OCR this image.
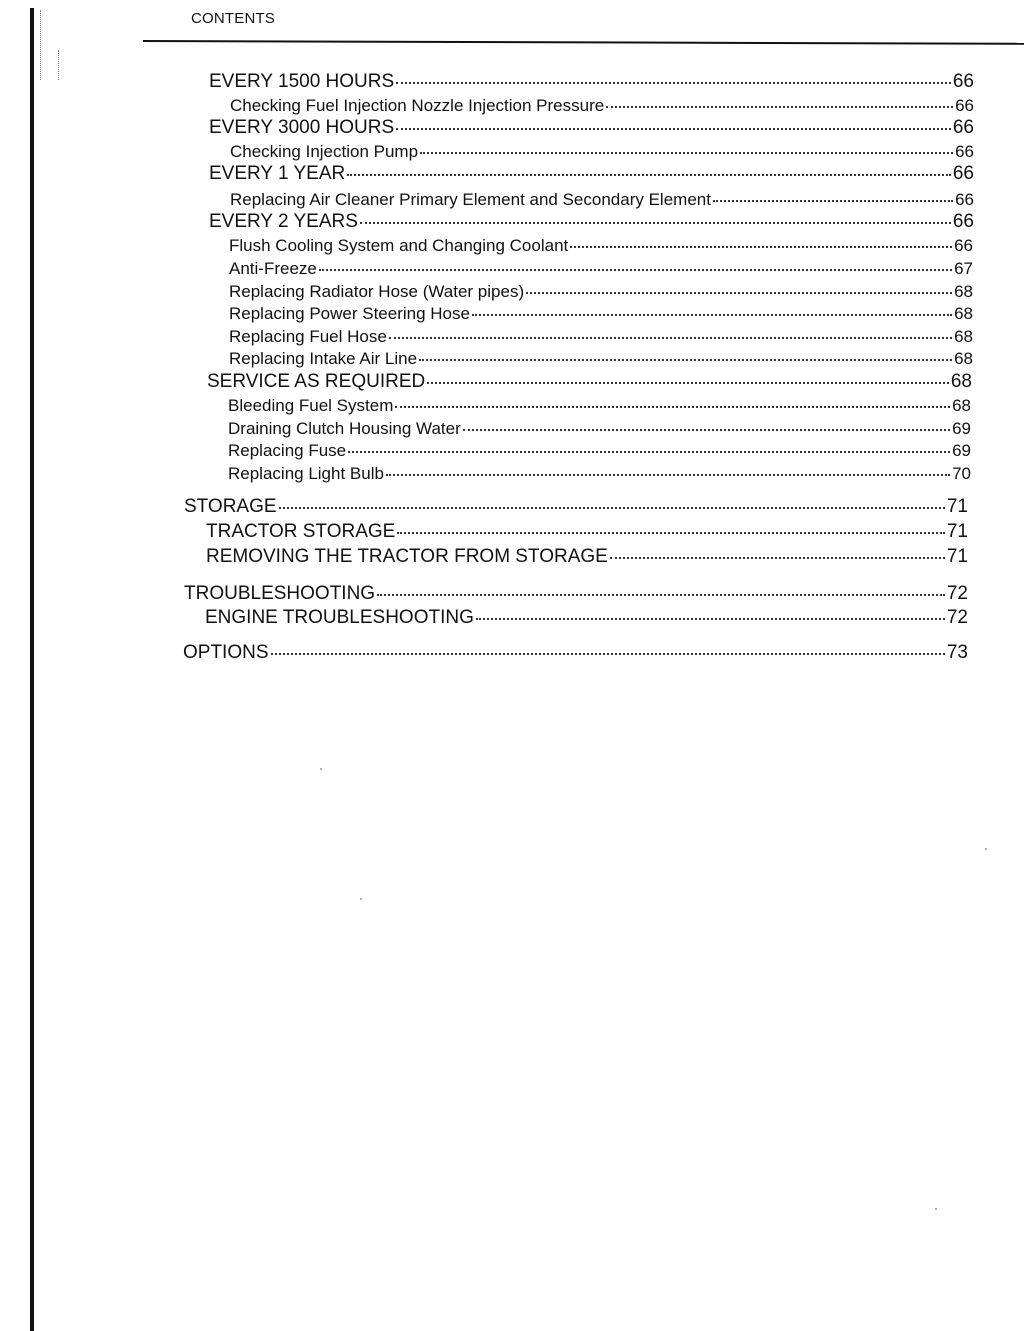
CONTENTS
EVERY 1500 HOURS	66
Checking Fuel Injection Nozzle Injection Pressure	66
EVERY 3000 HOURS	66
Checking Injection Pump	66
EVERY 1 YEAR	66
Replacing Air Cleaner Primary Element and Secondary Element	66
EVERY 2 YEARS	66
Flush Cooling System and Changing Coolant	66
Anti-Freeze	67
Replacing Radiator Hose (Water pipes)	68
Replacing Power Steering Hose	68
Replacing Fuel Hose	68
Replacing Intake Air Line	68
SERVICE AS REQUIRED	68
Bleeding Fuel System	68
Draining Clutch Housing Water	69
Replacing Fuse	69
Replacing Light Bulb	70
STORAGE	71
TRACTOR STORAGE	71
REMOVING THE TRACTOR FROM STORAGE	71
TROUBLESHOOTING	72
ENGINE TROUBLESHOOTING	72
OPTIONS	73
